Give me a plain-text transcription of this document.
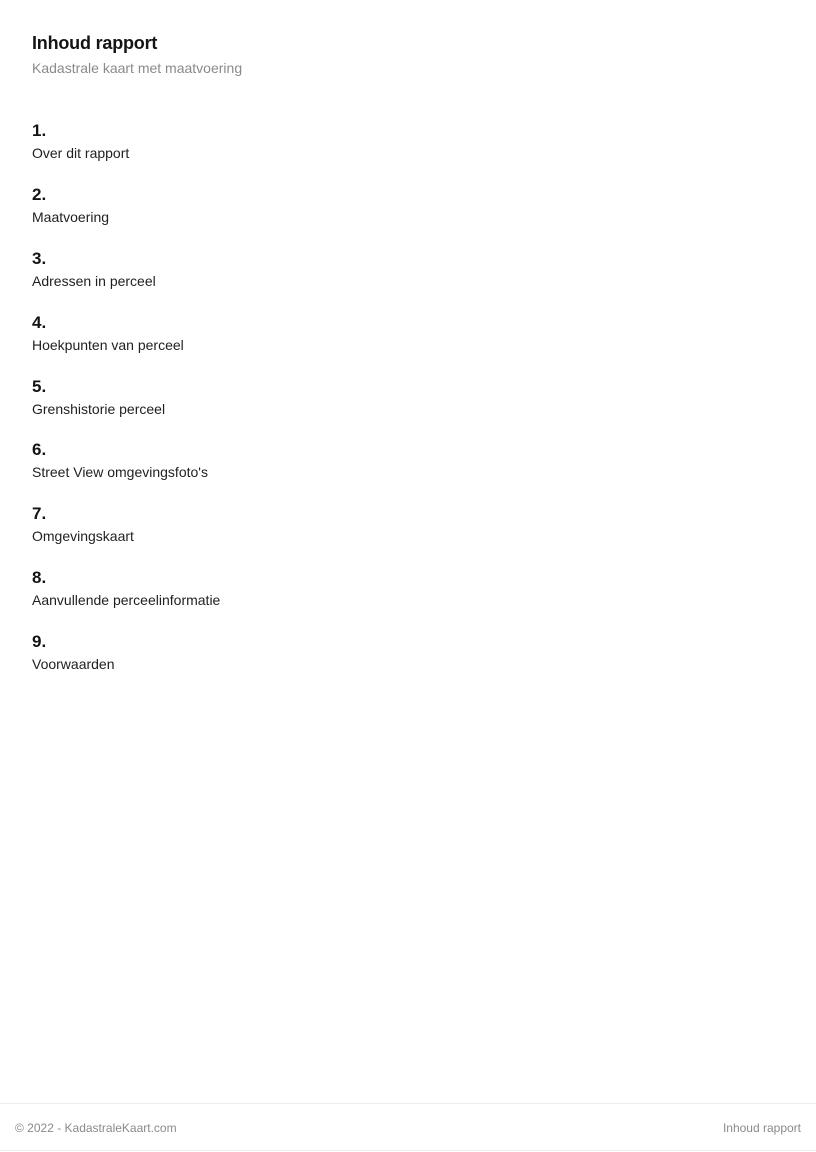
Inhoud rapport
Kadastrale kaart met maatvoering
1.
Over dit rapport
2.
Maatvoering
3.
Adressen in perceel
4.
Hoekpunten van perceel
5.
Grenshistorie perceel
6.
Street View omgevingsfoto's
7.
Omgevingskaart
8.
Aanvullende perceelinformatie
9.
Voorwaarden
© 2022 - KadastraleKaart.com	Inhoud rapport
